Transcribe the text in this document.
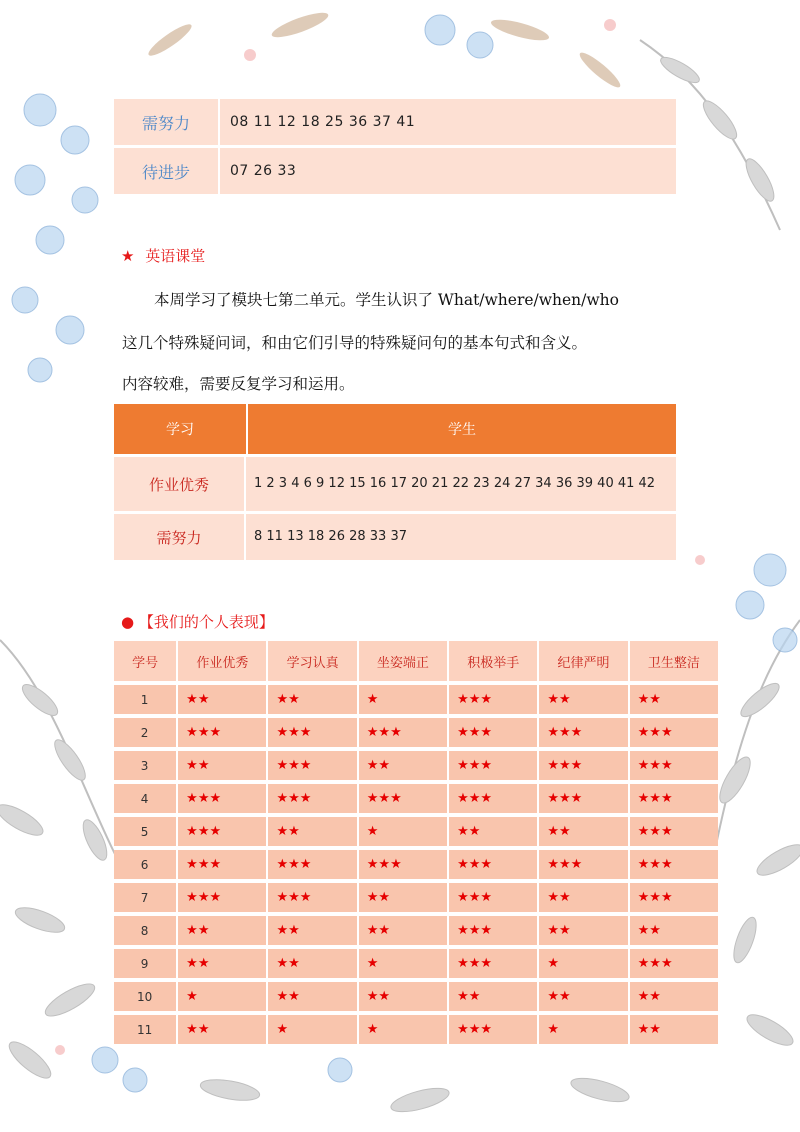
需努力	08 11 12 18 25 36 37 41
待进步	07 26 33
★ 英语课堂
本周学习了模块七第二单元。学生认识了 What/where/when/who
这几个特殊疑问词，和由它们引导的特殊疑问句的基本句式和含义。
内容较难，需要反复学习和运用。
学习	学生
作业优秀	1 2 3 4 6 9 12 15 16 17 20 21 22 23 24 27 34 36 39 40 41 42
需努力	8 11 13 18 26 28 33 37
● 【我们的个人表现】
学号	作业优秀	学习认真	坐姿端正	积极举手	纪律严明	卫生整洁
1	★★	★★	★	★★★	★★	★★
2	★★★	★★★	★★★	★★★	★★★	★★★
3	★★	★★★	★★	★★★	★★★	★★★
4	★★★	★★★	★★★	★★★	★★★	★★★
5	★★★	★★	★	★★	★★	★★★
6	★★★	★★★	★★★	★★★	★★★	★★★
7	★★★	★★★	★★	★★★	★★	★★★
8	★★	★★	★★	★★★	★★	★★
9	★★	★★	★	★★★	★	★★★
10	★	★★	★★	★★	★★	★★
11	★★	★	★	★★★	★	★★
